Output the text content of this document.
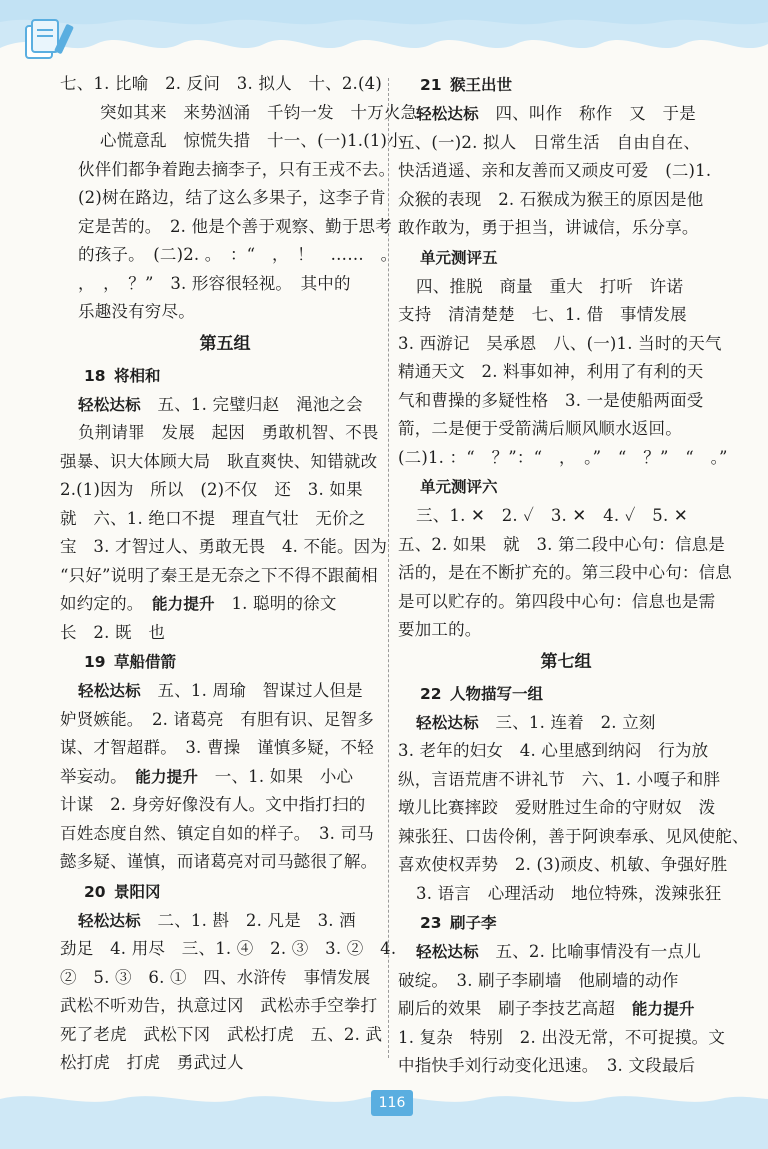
七、1. 比喻　2. 反问　3. 拟人　十、2.(4)
突如其来　来势汹涌　千钧一发　十万火急
心慌意乱　惊慌失措　十一、(一)1.(1)小
伙伴们都争着跑去摘李子，只有王戎不去。
(2)树在路边，结了这么多果子，这李子肯
定是苦的。　2. 他是个善于观察、勤于思考
的孩子。　(二)2. 。　：“　，　！　……　。
，　，　？”　3. 形容很轻视。　其中的
乐趣没有穷尽。
第五组
18 将相和
轻松达标　 五、1. 完璧归赵　渑池之会
负荆请罪　发展　起因　勇敢机智、不畏
强暴、识大体顾大局　耿直爽快、知错就改
2.(1)因为　所以　(2)不仅　还　3. 如果
就　六、1. 绝口不提　理直气壮　无价之
宝　3. 才智过人、勇敢无畏　4. 不能。因为
“只好”说明了秦王是无奈之下不得不跟蔺相
如约定的。　能力提升　1. 聪明的徐文
长　2. 既　也
19 草船借箭
轻松达标　五、1. 周瑜　智谋过人但是
妒贤嫉能。　2. 诸葛亮　有胆有识、足智多
谋、才智超群。　3. 曹操　谨慎多疑，不轻
举妄动。　能力提升　一、1. 如果　小心
计谋　2. 身旁好像没有人。文中指打扫的
百姓态度自然、镇定自如的样子。　3. 司马
懿多疑、谨慎，而诸葛亮对司马懿很了解。
20 景阳冈
轻松达标　二、1. 斟　2. 凡是　3. 酒
劲足　4. 用尽　三、1. ④　2. ③　3. ②　4.
②　5. ③　6. ①　四、水浒传　事情发展
武松不听劝告，执意过冈　武松赤手空拳打
死了老虎　武松下冈　武松打虎　五、2. 武
松打虎　打虎　勇武过人
21 猴王出世
轻松达标　四、叫作　称作　又　于是
五、(一)2. 拟人　日常生活　自由自在、
快活逍遥、亲和友善而又顽皮可爱　(二)1.
众猴的表现　2. 石猴成为猴王的原因是他
敢作敢为，勇于担当，讲诚信，乐分享。
单元测评五
四、推脱　商量　重大　打听　许诺
支持　清清楚楚　七、1. 借　事情发展
3. 西游记　吴承恩　八、(一)1. 当时的天气
精通天文　2. 料事如神，利用了有利的天
气和曹操的多疑性格　3. 一是使船两面受
箭，二是便于受箭满后顺风顺水返回。
(二)1. ：“　？”：“　，　。”　“　？”　“　。”
单元测评六
三、1. ✕　2. ✓　3. ✕　4. ✓　5. ✕
五、2. 如果　就　3. 第二段中心句：信息是
活的，是在不断扩充的。第三段中心句：信息
是可以贮存的。第四段中心句：信息也是需
要加工的。
第七组
22 人物描写一组
轻松达标　三、1. 连着　2. 立刻
3. 老年的妇女　4. 心里感到纳闷　行为放
纵，言语荒唐不讲礼节　六、1. 小嘎子和胖
墩儿比赛摔跤　爱财胜过生命的守财奴　泼
辣张狂、口齿伶俐，善于阿谀奉承、见风使舵、
喜欢使权弄势　2. (3)顽皮、机敏、争强好胜
3. 语言　心理活动　地位特殊，泼辣张狂
23 刷子李
轻松达标　五、2. 比喻事情没有一点儿
破绽。　3. 刷子李刷墙　他刷墙的动作
刷后的效果　刷子李技艺高超　能力提升
1. 复杂　特别　2. 出没无常，不可捉摸。文
中指快手刘行动变化迅速。　3. 文段最后
116
